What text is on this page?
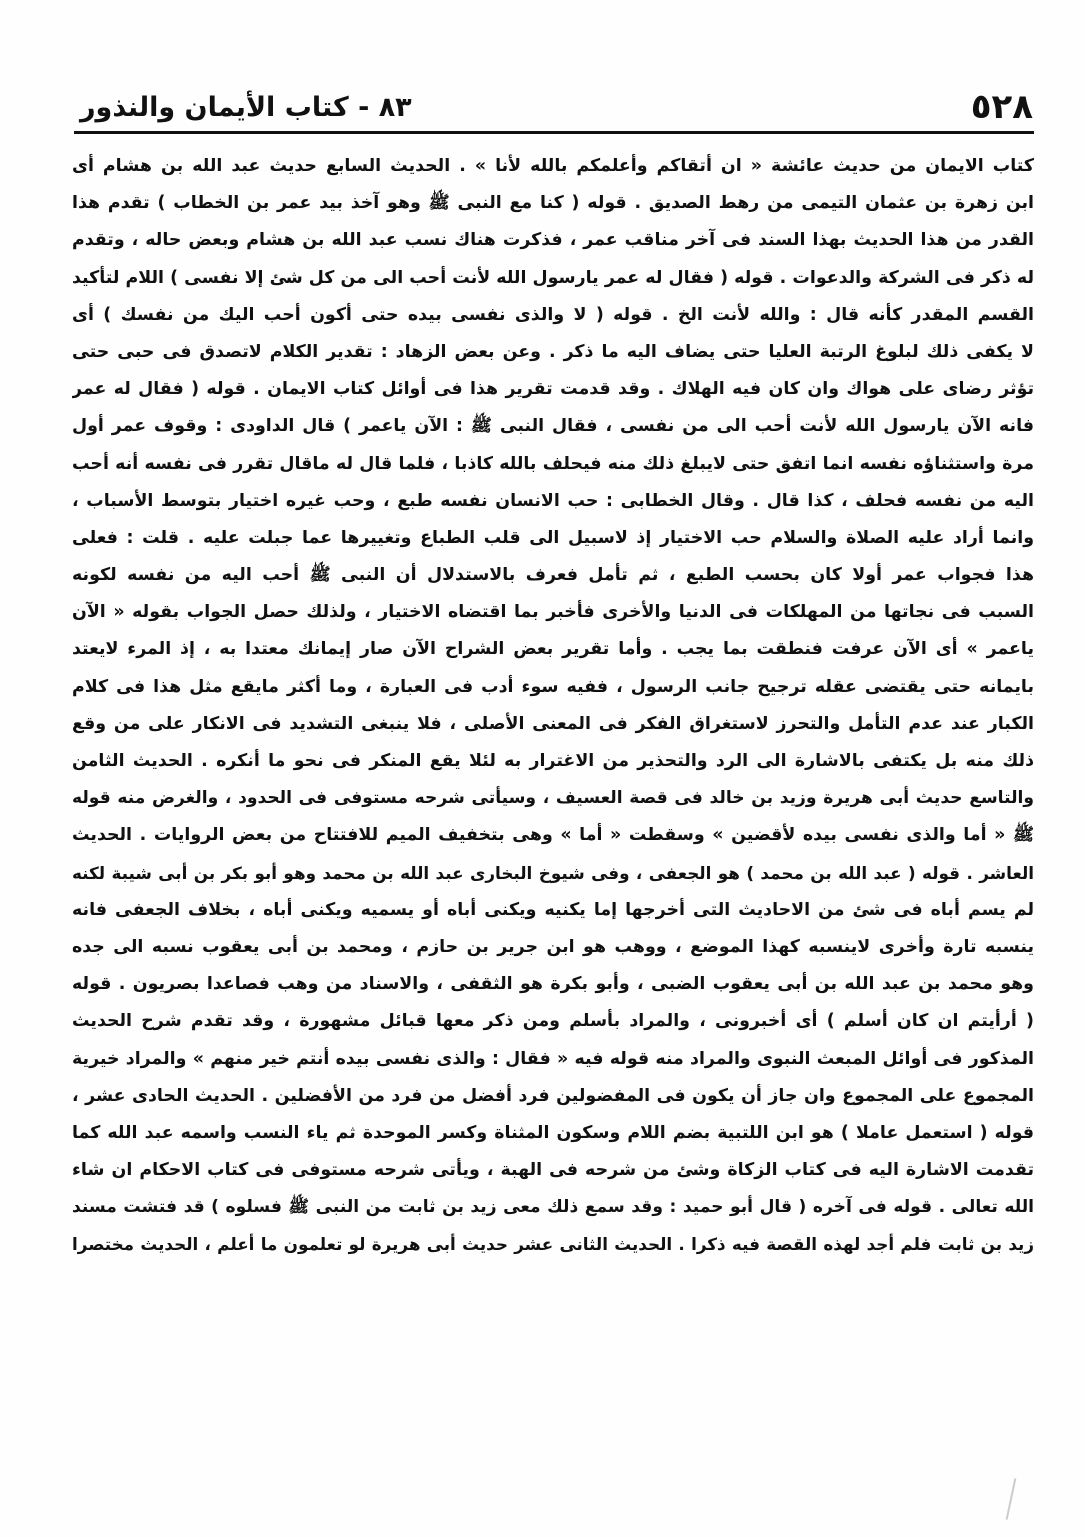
٥٢٨
٨٣ - كتاب الأيمان والنذور
كتاب الايمان من حديث عائشة « ان أتقاكم وأعلمكم بالله لأنا » . الحديث السابع حديث عبد الله بن هشام أى
ابن زهرة بن عثمان التيمى من رهط الصديق . قوله ( كنا مع النبى ﷺ وهو آخذ بيد عمر بن الخطاب ) تقدم هذا
القدر من هذا الحديث بهذا السند فى آخر مناقب عمر ، فذكرت هناك نسب عبد الله بن هشام وبعض حاله ، وتقدم
له ذكر فى الشركة والدعوات . قوله ( فقال له عمر يارسول الله لأنت أحب الى من كل شئ إلا نفسى ) اللام لتأكيد
القسم المقدر كأنه قال : والله لأنت الخ . قوله ( لا والذى نفسى بيده حتى أكون أحب اليك من نفسك ) أى
لا يكفى ذلك لبلوغ الرتبة العليا حتى يضاف اليه ما ذكر . وعن بعض الزهاد : تقدير الكلام لاتصدق فى حبى حتى
تؤثر رضاى على هواك وان كان فيه الهلاك . وقد قدمت تقرير هذا فى أوائل كتاب الايمان . قوله ( فقال له عمر
فانه الآن يارسول الله لأنت أحب الى من نفسى ، فقال النبى ﷺ : الآن ياعمر ) قال الداودى : وقوف عمر أول
مرة واستثناؤه نفسه انما اتفق حتى لايبلغ ذلك منه فيحلف بالله كاذبا ، فلما قال له ماقال تقرر فى نفسه أنه أحب
اليه من نفسه فحلف ، كذا قال . وقال الخطابى : حب الانسان نفسه طبع ، وحب غيره اختيار بتوسط الأسباب ،
وانما أراد عليه الصلاة والسلام حب الاختيار إذ لاسبيل الى قلب الطباع وتغييرها عما جبلت عليه . قلت : فعلى
هذا فجواب عمر أولا كان بحسب الطبع ، ثم تأمل فعرف بالاستدلال أن النبى ﷺ أحب اليه من نفسه لكونه
السبب فى نجاتها من المهلكات فى الدنيا والأخرى فأخبر بما اقتضاه الاختيار ، ولذلك حصل الجواب بقوله « الآن
ياعمر » أى الآن عرفت فنطقت بما يجب . وأما تقرير بعض الشراح الآن صار إيمانك معتدا به ، إذ المرء لايعتد
بايمانه حتى يقتضى عقله ترجيح جانب الرسول ، ففيه سوء أدب فى العبارة ، وما أكثر مايقع مثل هذا فى كلام
الكبار عند عدم التأمل والتحرز لاستغراق الفكر فى المعنى الأصلى ، فلا ينبغى التشديد فى الانكار على من وقع
ذلك منه بل يكتفى بالاشارة الى الرد والتحذير من الاغترار به لئلا يقع المنكر فى نحو ما أنكره . الحديث الثامن
والتاسع حديث أبى هريرة وزيد بن خالد فى قصة العسيف ، وسيأتى شرحه مستوفى فى الحدود ، والغرض منه قوله
ﷺ « أما والذى نفسى بيده لأقضين » وسقطت « أما » وهى بتخفيف الميم للافتتاح من بعض الروايات . الحديث
العاشر . قوله ( عبد الله بن محمد ) هو الجعفى ، وفى شيوخ البخارى عبد الله بن محمد وهو أبو بكر بن أبى شيبة لكنه
لم يسم أباه فى شئ من الاحاديث التى أخرجها إما يكنيه ويكنى أباه أو يسميه ويكنى أباه ، بخلاف الجعفى فانه
ينسبه تارة وأخرى لاينسبه كهذا الموضع ، ووهب هو ابن جرير بن حازم ، ومحمد بن أبى يعقوب نسبه الى جده
وهو محمد بن عبد الله بن أبى يعقوب الضبى ، وأبو بكرة هو الثقفى ، والاسناد من وهب فصاعدا بصريون . قوله
( أرأيتم ان كان أسلم ) أى أخبرونى ، والمراد بأسلم ومن ذكر معها قبائل مشهورة ، وقد تقدم شرح الحديث
المذكور فى أوائل المبعث النبوى والمراد منه قوله فيه « فقال : والذى نفسى بيده أنتم خير منهم » والمراد خيرية
المجموع على المجموع وان جاز أن يكون فى المفضولين فرد أفضل من فرد من الأفضلين . الحديث الحادى عشر ،
قوله ( استعمل عاملا ) هو ابن اللتبية بضم اللام وسكون المثناة وكسر الموحدة ثم ياء النسب واسمه عبد الله كما
تقدمت الاشارة اليه فى كتاب الزكاة وشئ من شرحه فى الهبة ، ويأتى شرحه مستوفى فى كتاب الاحكام ان شاء
الله تعالى . قوله فى آخره ( قال أبو حميد : وقد سمع ذلك معى زيد بن ثابت من النبى ﷺ فسلوه ) قد فتشت مسند
زيد بن ثابت فلم أجد لهذه القصة فيه ذكرا . الحديث الثانى عشر حديث أبى هريرة لو تعلمون ما أعلم ، الحديث مختصرا
